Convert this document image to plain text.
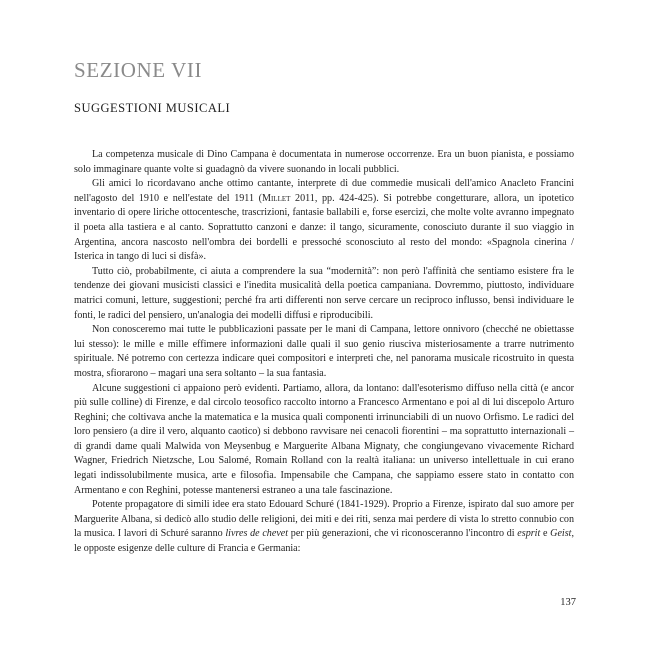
SEZIONE VII
SUGGESTIONI MUSICALI

La competenza musicale di Dino Campana è documentata in numerose occorrenze. Era un buon pianista, e possiamo solo immaginare quante volte si guadagnò da vivere suonando in locali pubblici.

Gli amici lo ricordavano anche ottimo cantante, interprete di due commedie musicali dell'amico Anacleto Francini nell'agosto del 1910 e nell'estate del 1911 (Millet 2011, pp. 424-425). Si potrebbe congetturare, allora, un ipotetico inventario di opere liriche ottocentesche, trascrizioni, fantasie ballabili e, forse esercizi, che molte volte avranno impegnato il poeta alla tastiera e al canto. Soprattutto canzoni e danze: il tango, sicuramente, conosciuto durante il suo viaggio in Argentina, ancora nascosto nell'ombra dei bordelli e pressoché sconosciuto al resto del mondo: «Spagnola cinerina / Isterica in tango di luci si disfà».

Tutto ciò, probabilmente, ci aiuta a comprendere la sua “modernità”: non però l'affinità che sentiamo esistere fra le tendenze dei giovani musicisti classici e l'inedita musicalità della poetica campaniana. Dovremmo, piuttosto, individuare matrici comuni, letture, suggestioni; perché fra arti differenti non serve cercare un reciproco influsso, bensì individuare le fonti, le radici del pensiero, un'analogia dei modelli diffusi e riproducibili.

Non conosceremo mai tutte le pubblicazioni passate per le mani di Campana, lettore onnivoro (checché ne obiettasse lui stesso): le mille e mille effimere informazioni dalle quali il suo genio riusciva misteriosamente a trarre nutrimento spirituale. Né potremo con certezza indicare quei compositori e interpreti che, nel panorama musicale ricostruito in questa mostra, sfiorarono – magari una sera soltanto – la sua fantasia.

Alcune suggestioni ci appaiono però evidenti. Partiamo, allora, da lontano: dall'esoterismo diffuso nella città (e ancor più sulle colline) di Firenze, e dal circolo teosofico raccolto intorno a Francesco Armentano e poi al di lui discepolo Arturo Reghini; che coltivava anche la matematica e la musica quali componenti irrinunciabili di un nuovo Orfismo. Le radici del loro pensiero (a dire il vero, alquanto caotico) si debbono ravvisare nei cenacoli fiorentini – ma soprattutto internazionali – di grandi dame quali Malwida von Meysenbug e Marguerite Albana Mignaty, che congiungevano vivacemente Richard Wagner, Friedrich Nietzsche, Lou Salomé, Romain Rolland con la realtà italiana: un universo intellettuale in cui erano legati indissolubilmente musica, arte e filosofia. Impensabile che Campana, che sappiamo essere stato in contatto con Armentano e con Reghini, potesse mantenersi estraneo a una tale fascinazione.

Potente propagatore di simili idee era stato Edouard Schuré (1841-1929). Proprio a Firenze, ispirato dal suo amore per Marguerite Albana, si dedicò allo studio delle religioni, dei miti e dei riti, senza mai perdere di vista lo stretto connubio con la musica. I lavori di Schuré saranno livres de chevet per più generazioni, che vi riconosceranno l'incontro di esprit e Geist, le opposte esigenze delle culture di Francia e Germania:

137
